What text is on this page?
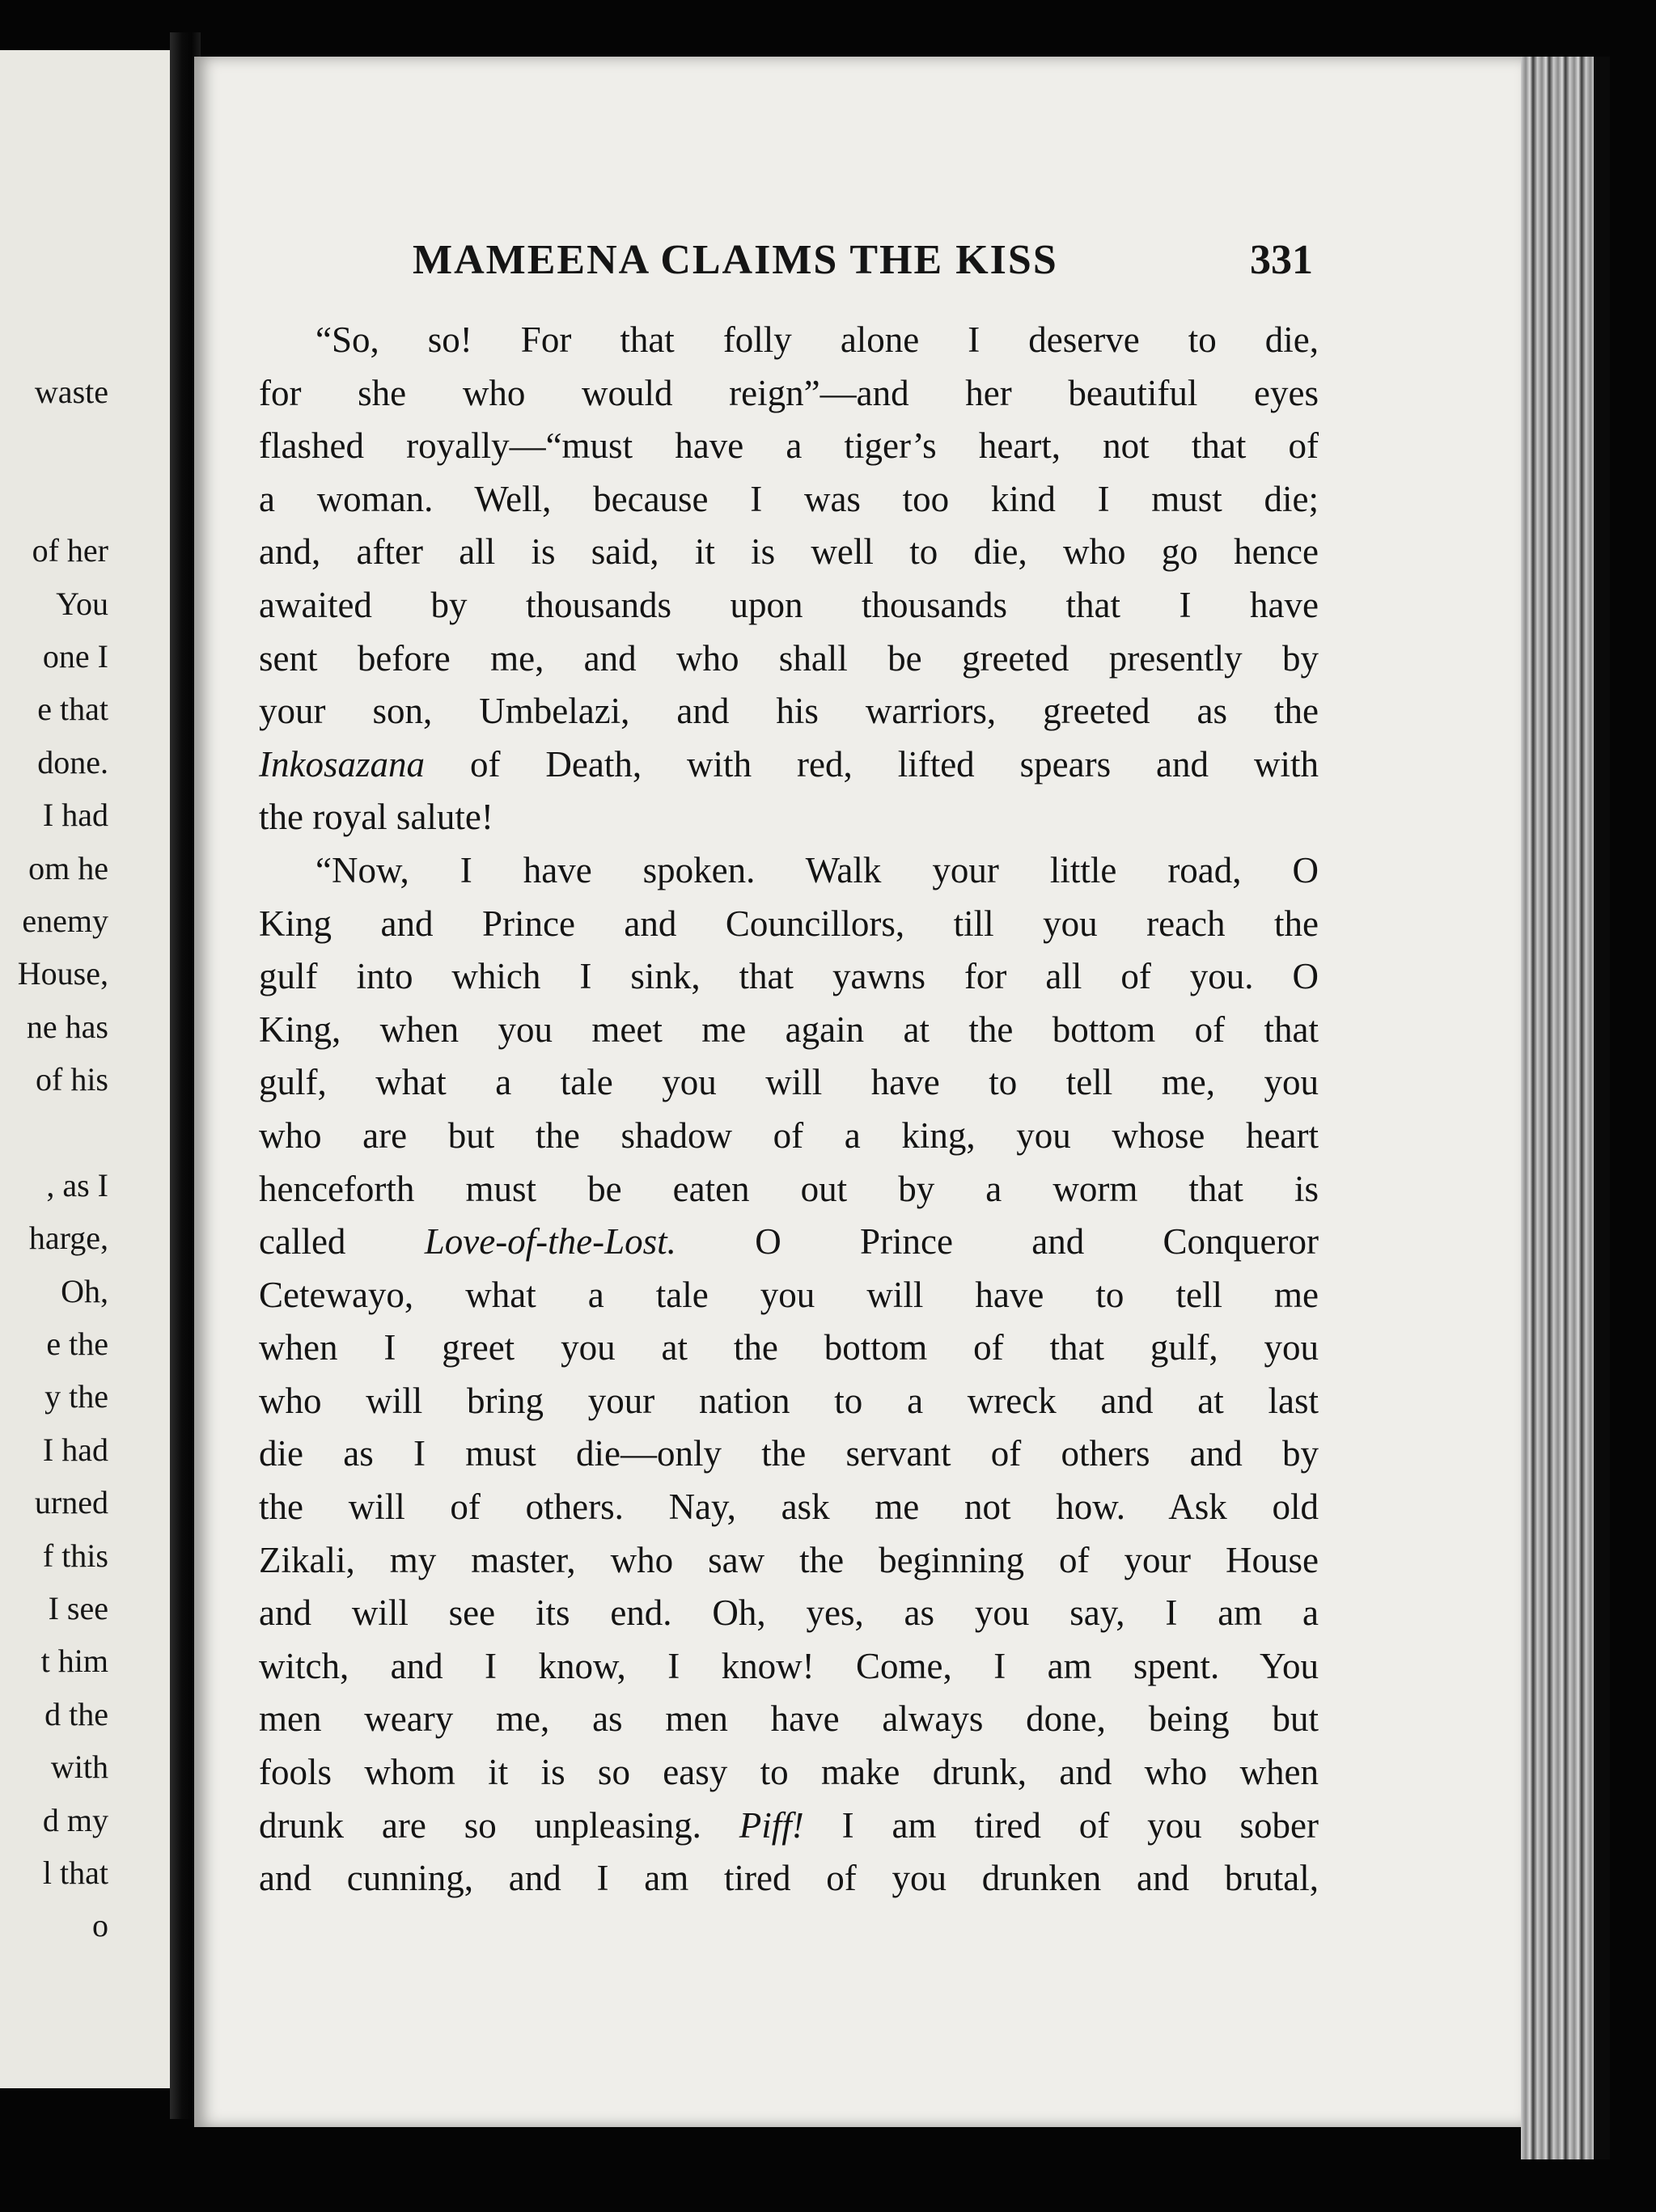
waste
of her
You
one I
e that
done.
I had
om he
enemy
House,
ne has
of his
, as I
harge,
Oh,
e the
y the
I had
urned
f this
I see
t him
d the
with
d my
l that
o
MAMEENA CLAIMS THE KISS	331
“So, so! For that folly alone I deserve to die,
for she who would reign”—and her beautiful eyes
flashed royally—“must have a tiger’s heart, not that of
a woman. Well, because I was too kind I must die;
and, after all is said, it is well to die, who go hence
awaited by thousands upon thousands that I have
sent before me, and who shall be greeted presently by
your son, Umbelazi, and his warriors, greeted as the
Inkosazana of Death, with red, lifted spears and with
the royal salute!
“Now, I have spoken. Walk your little road, O
King and Prince and Councillors, till you reach the
gulf into which I sink, that yawns for all of you. O
King, when you meet me again at the bottom of that
gulf, what a tale you will have to tell me, you
who are but the shadow of a king, you whose heart
henceforth must be eaten out by a worm that is
called Love-of-the-Lost. O Prince and Conqueror
Cetewayo, what a tale you will have to tell me
when I greet you at the bottom of that gulf, you
who will bring your nation to a wreck and at last
die as I must die—only the servant of others and by
the will of others. Nay, ask me not how. Ask old
Zikali, my master, who saw the beginning of your House
and will see its end. Oh, yes, as you say, I am a
witch, and I know, I know! Come, I am spent. You
men weary me, as men have always done, being but
fools whom it is so easy to make drunk, and who when
drunk are so unpleasing. Piff! I am tired of you sober
and cunning, and I am tired of you drunken and brutal,
